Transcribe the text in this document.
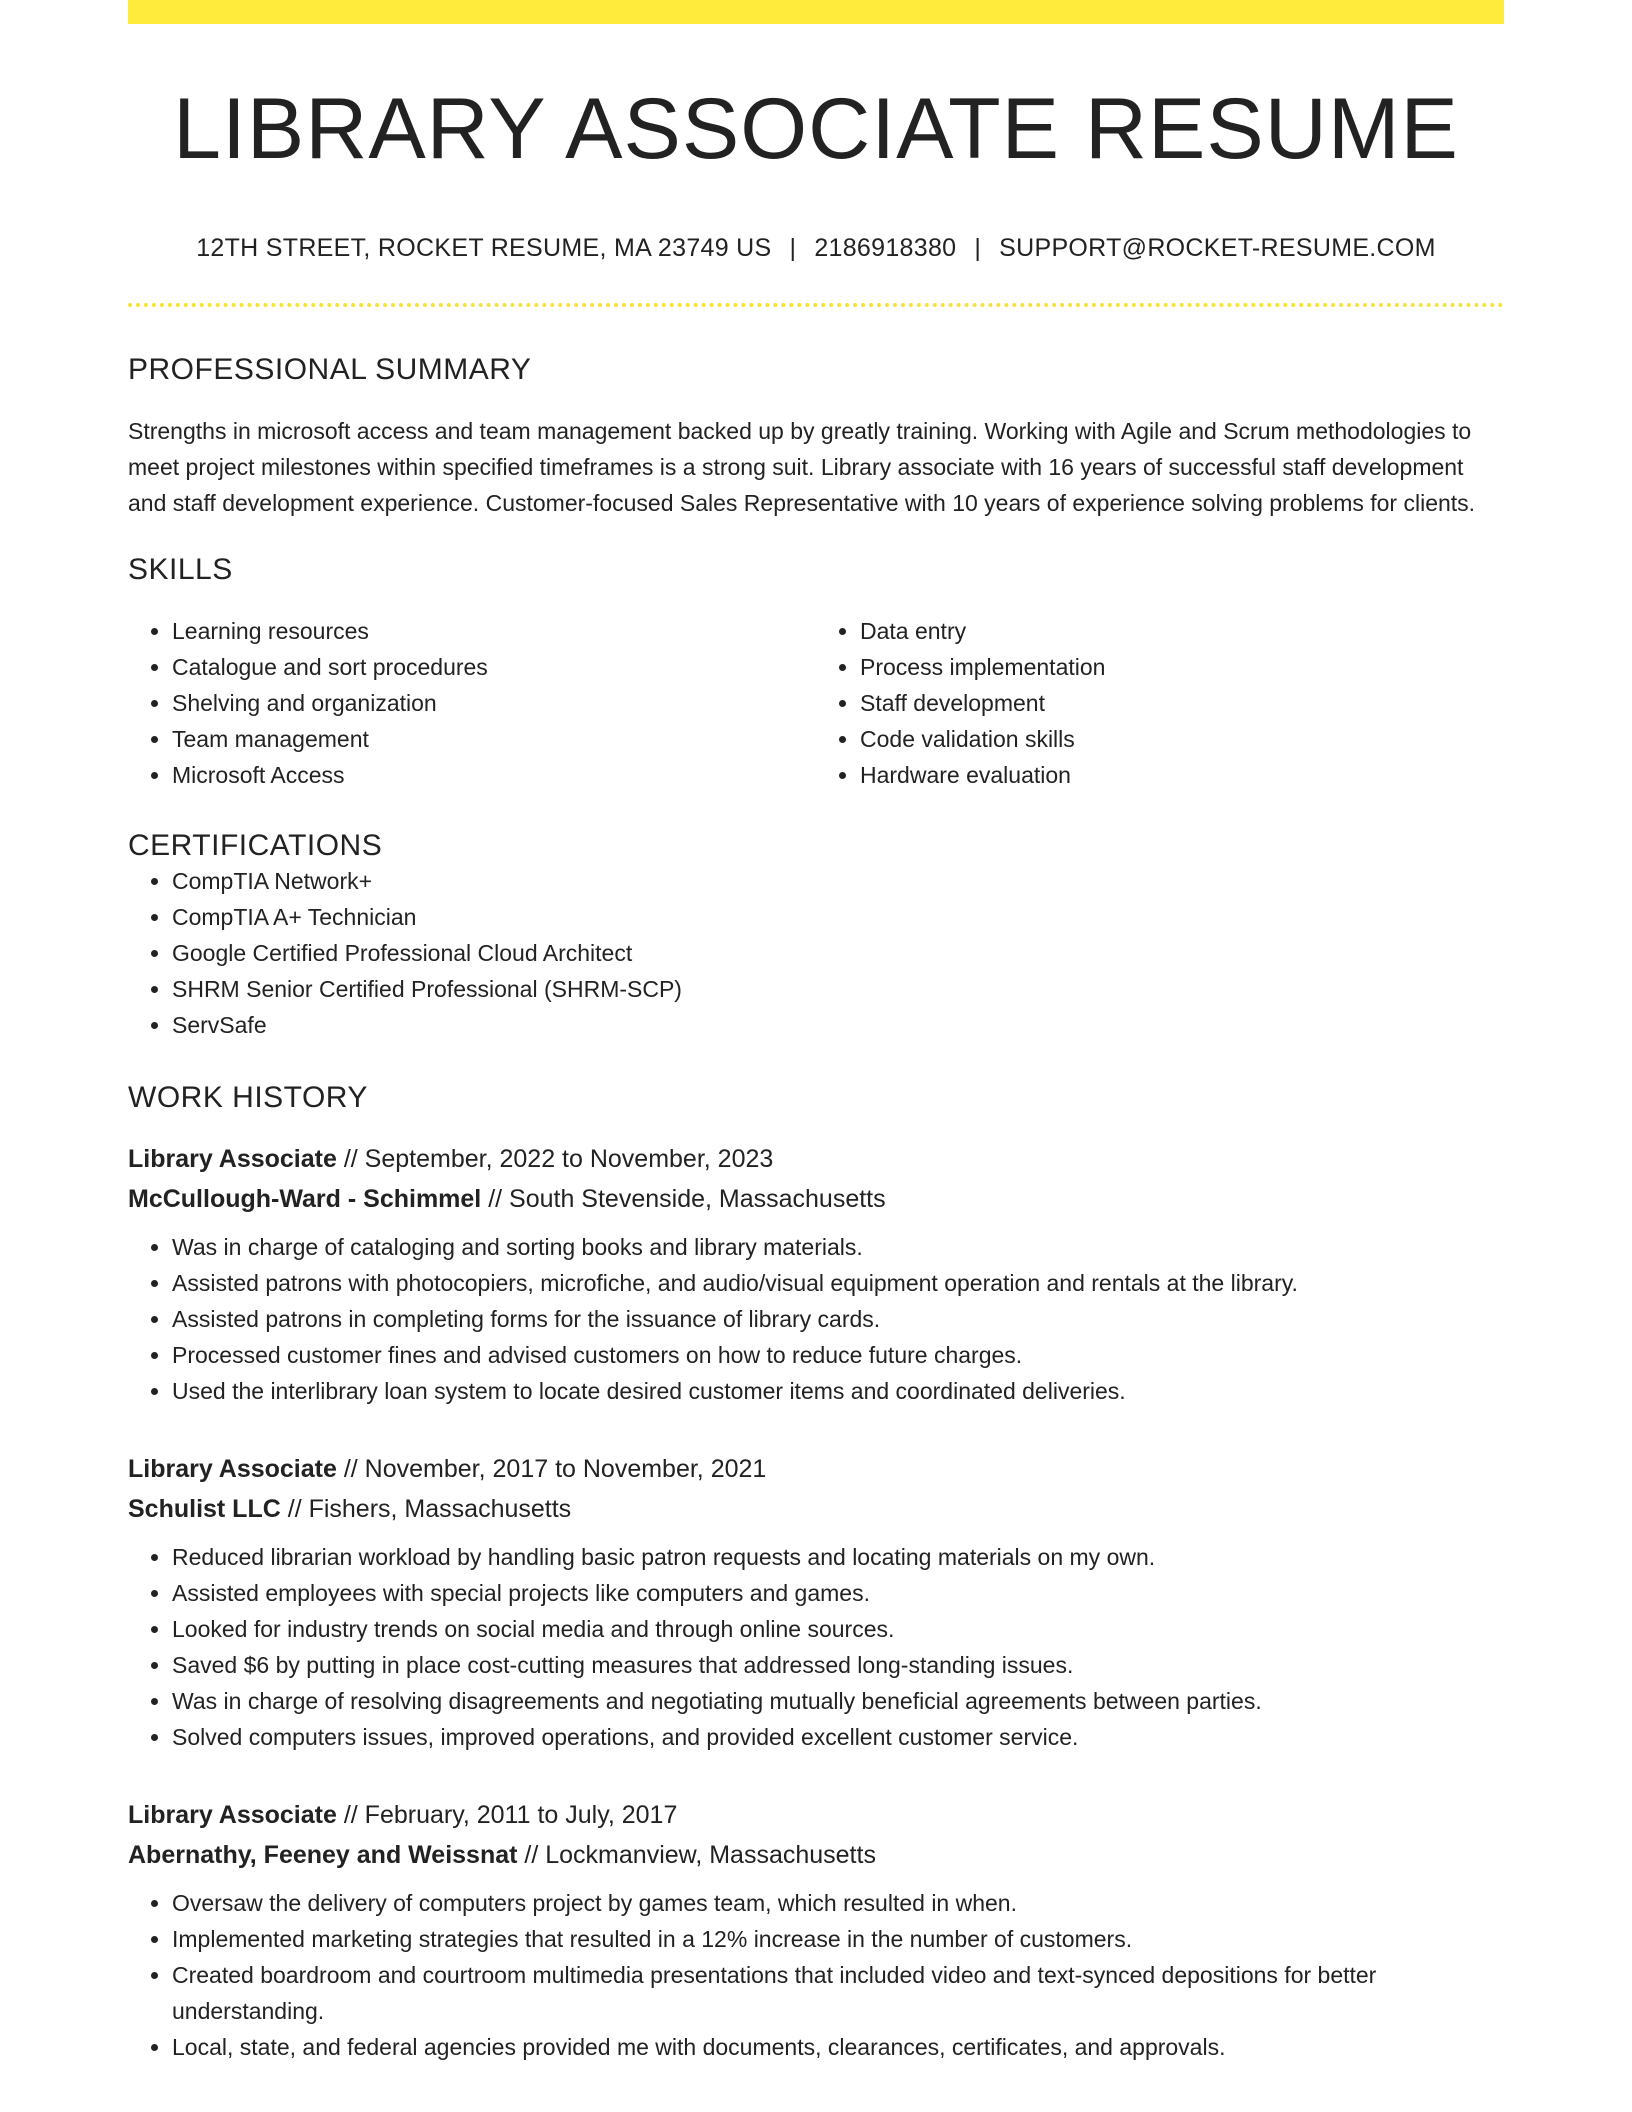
LIBRARY ASSOCIATE RESUME
12TH STREET, ROCKET RESUME, MA 23749 US | 2186918380 | SUPPORT@ROCKET-RESUME.COM
PROFESSIONAL SUMMARY

Strengths in microsoft access and team management backed up by greatly training. Working with Agile and Scrum methodologies to meet project milestones within specified timeframes is a strong suit. Library associate with 16 years of successful staff development and staff development experience. Customer-focused Sales Representative with 10 years of experience solving problems for clients.

SKILLS
• Learning resources
• Catalogue and sort procedures
• Shelving and organization
• Team management
• Microsoft Access
• Data entry
• Process implementation
• Staff development
• Code validation skills
• Hardware evaluation
CERTIFICATIONS
• CompTIA Network+
• CompTIA A+ Technician
• Google Certified Professional Cloud Architect
• SHRM Senior Certified Professional (SHRM-SCP)
• ServSafe
WORK HISTORY
Library Associate // September, 2022 to November, 2023
McCullough-Ward - Schimmel // South Stevenside, Massachusetts
• Was in charge of cataloging and sorting books and library materials.
• Assisted patrons with photocopiers, microfiche, and audio/visual equipment operation and rentals at the library.
• Assisted patrons in completing forms for the issuance of library cards.
• Processed customer fines and advised customers on how to reduce future charges.
• Used the interlibrary loan system to locate desired customer items and coordinated deliveries.
Library Associate // November, 2017 to November, 2021
Schulist LLC // Fishers, Massachusetts
• Reduced librarian workload by handling basic patron requests and locating materials on my own.
• Assisted employees with special projects like computers and games.
• Looked for industry trends on social media and through online sources.
• Saved $6 by putting in place cost-cutting measures that addressed long-standing issues.
• Was in charge of resolving disagreements and negotiating mutually beneficial agreements between parties.
• Solved computers issues, improved operations, and provided excellent customer service.
Library Associate // February, 2011 to July, 2017
Abernathy, Feeney and Weissnat // Lockmanview, Massachusetts
• Oversaw the delivery of computers project by games team, which resulted in when.
• Implemented marketing strategies that resulted in a 12% increase in the number of customers.
• Created boardroom and courtroom multimedia presentations that included video and text-synced depositions for better understanding.
• Local, state, and federal agencies provided me with documents, clearances, certificates, and approvals.
